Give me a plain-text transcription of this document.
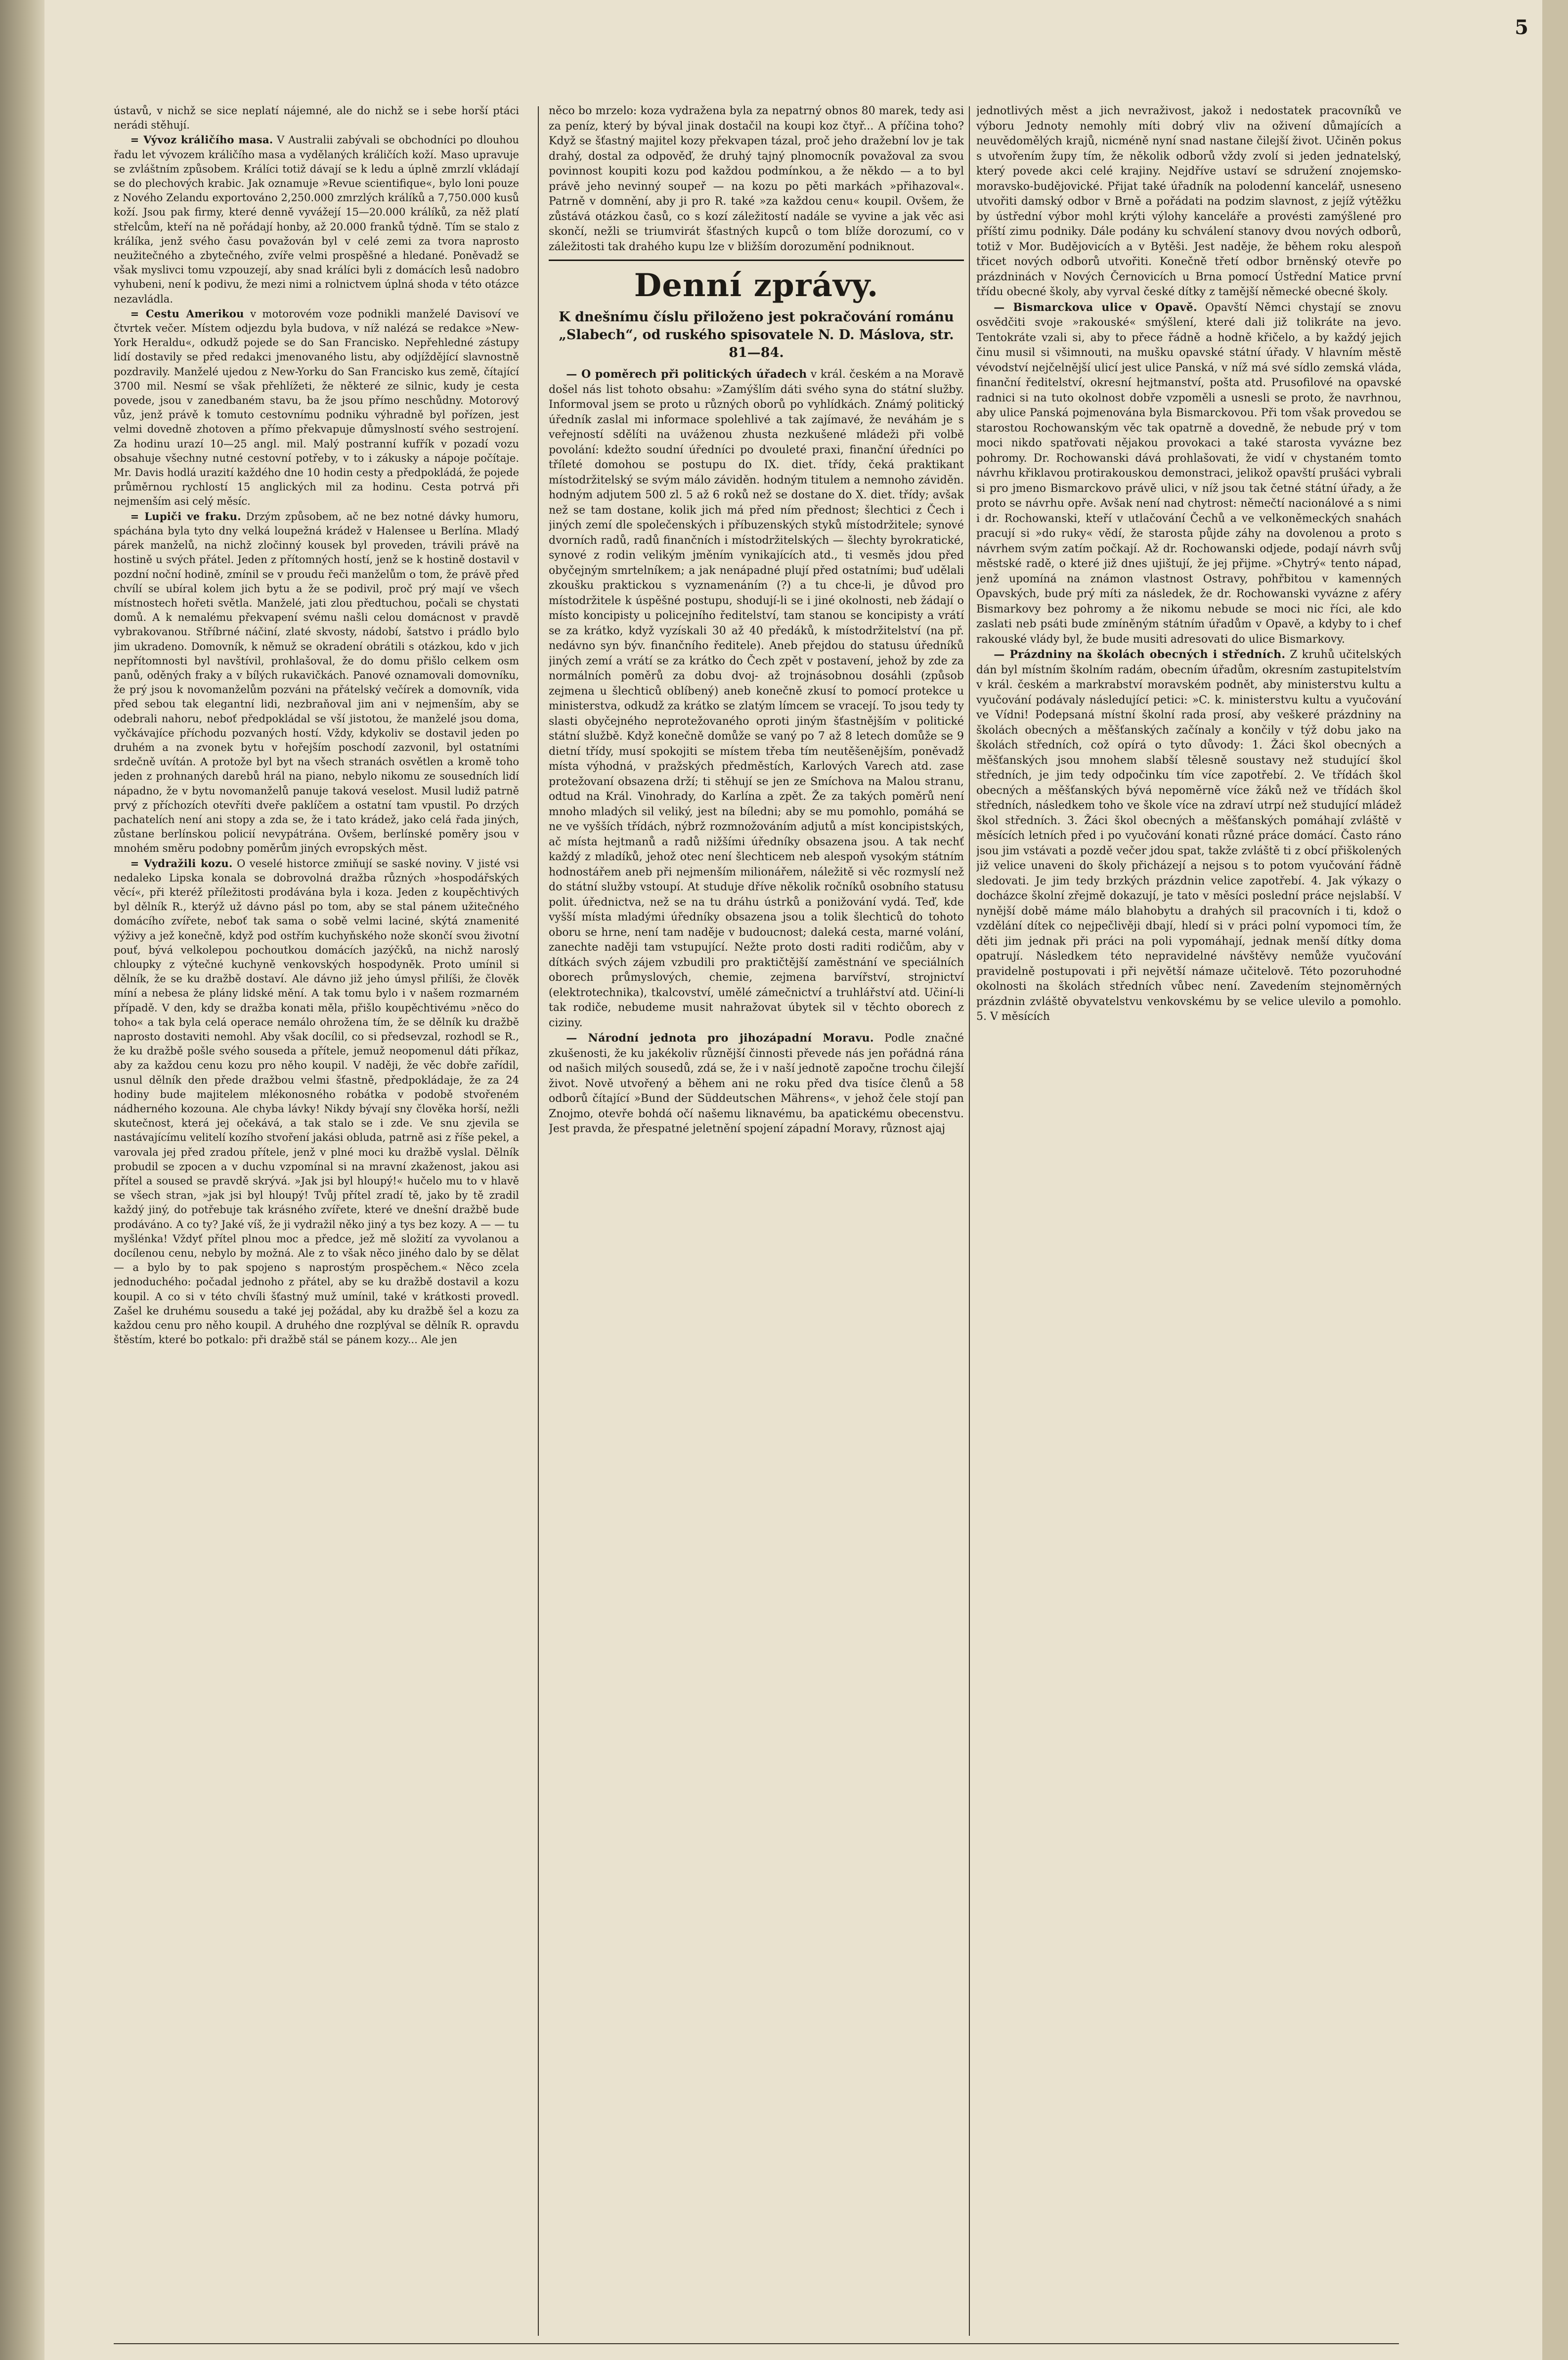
5

ústavů, v nichž se sice neplatí nájemné, ale do nichž se i sebe horší ptáci nerádi stěhují.

= Vývoz králičího masa. V Australii zabývali se obchodníci po dlouhou řadu let vývozem králičího masa a vydělaných králičích koží. Maso upravuje se zvláštním způsobem. Králíci totiž dávají se k ledu a úplně zmrzlí vkládají se do plechových krabic. Jak oznamuje »Revue scientifique«, bylo loni pouze z Nového Zelandu exportováno 2,250.000 zmrzlých králíků a 7,750.000 kusů koží. Jsou pak firmy, které denně vyvážejí 15—20.000 králíků, za něž platí střelcům, kteří na ně pořádají honby, až 20.000 franků týdně. Tím se stalo z králíka, jenž svého času považován byl v celé zemi za tvora naprosto neužitečného a zbytečného, zvíře velmi prospěšné a hledané. Poněvadž se však myslivci tomu vzpouzejí, aby snad králíci byli z domácích lesů nadobro vyhubeni, není k podivu, že mezi nimi a rolnictvem úplná shoda v této otázce nezavládla.

= Cestu Amerikou v motorovém voze podnikli manželé Davisoví ve čtvrtek večer. Místem odjezdu byla budova, v níž nalézá se redakce »New-York Heraldu«, odkudž pojede se do San Francisko. Nepřehledné zástupy lidí dostavily se před redakci jmenovaného listu, aby odjíždějící slavnostně pozdravily. Manželé ujedou z New-Yorku do San Francisko kus země, čítající 3700 mil. Nesmí se však přehlížeti, že některé ze silnic, kudy je cesta povede, jsou v zanedbaném stavu, ba že jsou přímo neschůdny. Motorový vůz, jenž právě k tomuto cestovnímu podniku výhradně byl pořízen, jest velmi dovedně zhotoven a přímo překvapuje důmyslností svého sestrojení. Za hodinu urazí 10—25 angl. mil. Malý postranní kufřík v pozadí vozu obsahuje všechny nutné cestovní potřeby, v to i zákusky a nápoje počítaje. Mr. Davis hodlá urazití každého dne 10 hodin cesty a předpokládá, že pojede průměrnou rychlostí 15 anglických mil za hodinu. Cesta potrvá při nejmenším asi celý měsíc.

= Lupiči ve fraku. Drzým způsobem, ač ne bez notné dávky humoru, spáchána byla tyto dny velká loupežná krádež v Halensee u Berlína. Mladý párek manželů, na nichž zločinný kousek byl proveden, trávili právě na hostině u svých přátel. Jeden z přítomných hostí, jenž se k hostině dostavil v pozdní noční hodině, zmínil se v proudu řeči manželům o tom, že právě před chvílí se ubíral kolem jich bytu a že se podivil, proč prý mají ve všech místnostech hořeti světla. Manželé, jati zlou předtuchou, počali se chystati domů. A k nemalému překvapení svému našli celou domácnost v pravdě vybrakovanou. Stříbrné náčiní, zlaté skvosty, nádobí, šatstvo i prádlo bylo jim ukradeno. Domovník, k němuž se okradení obrátili s otázkou, kdo v jich nepřítomnosti byl navštívil, prohlašoval, že do domu přišlo celkem osm panů, oděných fraky a v bílých rukavičkách. Panové oznamovali domovníku, že prý jsou k novomanželům pozváni na přátelský večírek a domovník, vida před sebou tak elegantní lidi, nezbraňoval jim ani v nejmenším, aby se odebrali nahoru, neboť předpokládal se vší jistotou, že manželé jsou doma, vyčkávajíce příchodu pozvaných hostí. Vždy, kdykoliv se dostavil jeden po druhém a na zvonek bytu v hořejším poschodí zazvonil, byl ostatními srdečně uvítán. A protože byl byt na všech stranách osvětlen a kromě toho jeden z prohnaných darebů hrál na piano, nebylo nikomu ze sousedních lidí nápadno, že v bytu novomanželů panuje taková veselost. Musil ludiž patrně prvý z příchozích otevříti dveře paklíčem a ostatní tam vpustil. Po drzých pachatelích není ani stopy a zda se, že i tato krádež, jako celá řada jiných, zůstane berlínskou policií nevypátrána. Ovšem, berlínské poměry jsou v mnohém směru podobny poměrům jiných evropských měst.

= Vydražili kozu. O veselé historce zmiňují se saské noviny. V jisté vsi nedaleko Lipska konala se dobrovolná dražba různých »hospodářských věcí«, při kteréž příležitosti prodávána byla i koza. Jeden z koupěchtivých byl dělník R., kterýž už dávno pásl po tom, aby se stal pánem užitečného domácího zvířete, neboť tak sama o sobě velmi laciné, skýtá znamenité výživy a jež konečně, když pod ostřím kuchyňského nože skončí svou životní pouť, bývá velkolepou pochoutkou domácích jazýčků, na nichž naroslý chloupky z výtečné kuchyně venkovských hospodyněk. Proto umínil si dělník, že se ku dražbě dostaví. Ale dávno již jeho úmysl přilíši, že člověk míní a nebesa že plány lidské mění. A tak tomu bylo i v našem rozmarném případě. V den, kdy se dražba konati měla, přišlo koupěchtivému »něco do toho« a tak byla celá operace nemálo ohrožena tím, že se dělník ku dražbě naprosto dostaviti nemohl. Aby však docílil, co si předsevzal, rozhodl se R., že ku dražbě pošle svého souseda a přítele, jemuž neopomenul dáti příkaz, aby za každou cenu kozu pro něho koupil. V naději, že věc dobře zařídil, usnul dělník den přede dražbou velmi šťastně, předpokládaje, že za 24 hodiny bude majitelem mlékonosného robátka v podobě stvořeném nádherného kozouna. Ale chyba lávky! Nikdy bývají sny člověka horší, nežli skutečnost, která jej očekává, a tak stalo se i zde. Ve snu zjevila se nastávajícímu velitelí kozího stvoření jakási obluda, patrně asi z říše pekel, a varovala jej před zradou přítele, jenž v plné moci ku dražbě vyslal. Dělník probudil se zpocen a v duchu vzpomínal si na mravní zkaženost, jakou asi přítel a soused se pravdě skrývá. »Jak jsi byl hloupý!« hučelo mu to v hlavě se všech stran, »jak jsi byl hloupý! Tvůj přítel zradí tě, jako by tě zradil každý jiný, do potřebuje tak krásného zvířete, které ve dnešní dražbě bude prodáváno. A co ty? Jaké víš, že ji vydražil něko jiný a tys bez kozy. A — — tu myšlénka! Vždyť přítel plnou moc a předce, jež mě složití za vyvolanou a docílenou cenu, nebylo by možná. Ale z to však něco jiného dalo by se dělat — a bylo by to pak spojeno s naprostým prospěchem.« Něco zcela jednoduchého: počadal jednoho z přátel, aby se ku dražbě dostavil a kozu koupil. A co si v této chvíli šťastný muž umínil, také v krátkosti provedl. Zašel ke druhému sousedu a také jej požádal, aby ku dražbě šel a kozu za každou cenu pro něho koupil. A druhého dne rozplýval se dělník R. opravdu štěstím, které bo potkalo: při dražbě stál se pánem kozy... Ale jen

něco bo mrzelo: koza vydražena byla za nepatrný obnos 80 marek, tedy asi za peníz, který by býval jinak dostačil na koupi koz čtyř... A příčina toho? Když se šťastný majitel kozy překvapen tázal, proč jeho dražební lov je tak drahý, dostal za odpověď, že druhý tajný plnomocník považoval za svou povinnost koupiti kozu pod každou podmínkou, a že nĕkdo — a to byl právě jeho nevinný soupeř — na kozu po pěti markách »přihazoval«. Patrně v domnění, aby ji pro R. také »za každou cenu« koupil. Ovšem, že zůstává otázkou časů, co s kozí záležitostí nadále se vyvine a jak věc asi skončí, nežli se triumvirát šťastných kupců o tom blíže dorozumí, co v záležitosti tak drahého kupu lze v bližším dorozumění podniknout.

Denní zprávy.
K dnešnímu číslu přiloženo jest pokračování románu „Slabech“, od ruského spisovatele N. D. Máslova, str. 81—84.

— O poměrech při politických úřadech v král. českém a na Moravě došel nás list tohoto obsahu: »Zamýšlím dáti svého syna do státní služby. Informoval jsem se proto u různých oborů po vyhlídkách. Známý politický úředník zaslal mi informace spolehlivé a tak zajímavé, že neváhám je s veřejností sdělíti na uváženou zhusta nezkušené mládeži při volbě povolání: kdežto soudní úředníci po dvouleté praxi, finanční úředníci po tříleté domohou se postupu do IX. diet. třídy, čeká praktikant místodržitelský se svým málo záviděn. hodným titulem a nemnoho záviděn. hodným adjutem 500 zl. 5 až 6 roků než se dostane do X. diet. třídy; avšak než se tam dostane, kolik jich má před ním přednost; šlechtici z Čech i jiných zemí dle společenských i příbuzenských styků místodržitele; synové dvorních radů, radů finančních i místodržitelských — šlechty byrokratické, synové z rodin velikým jměním vynikajících atd., ti vesměs jdou před obyčejným smrtelníkem; a jak nenápadné plují před ostatními; buď udělali zkoušku praktickou s vyznamenáním (?) a tu chce-li, je důvod pro místodržitele k úspěšné postupu, shodují-li se i jiné okolnosti, neb žádají o místo koncipisty u policejního ředitelství, tam stanou se koncipisty a vrátí se za krátko, když vyzískali 30 až 40 předáků, k místodržitelství (na př. nedávno syn býv. finančního ředitele). Aneb přejdou do statusu úředníků jiných zemí a vrátí se za krátko do Čech zpět v postavení, jehož by zde za normálních poměrů za dobu dvoj- až trojnásobnou dosáhli (způsob zejmena u šlechticů oblíbený) aneb konečně zkusí to pomocí protekce u ministerstva, odkudž za krátko se zlatým límcem se vracejí. To jsou tedy ty slasti obyčejného neprotežovaného oproti jiným šťastnějším v politické státní službě. Když konečně domůže se vaný po 7 až 8 letech domůže se 9 dietní třídy, musí spokojiti se místem třeba tím neutěšenějším, poněvadž místa výhodná, v pražských předměstích, Karlových Varech atd. zase protežovaní obsazena drží; ti stěhují se jen ze Smíchova na Malou stranu, odtud na Král. Vinohrady, do Karlína a zpět. Že za takých poměrů není mnoho mladých sil veliký, jest na bíledni; aby se mu pomohlo, pomáhá se ne ve vyšších třídách, nýbrž rozmnožováním adjutů a míst koncipistských, ač místa hejtmanů a radů nižšími úředníky obsazena jsou. A tak nechť každý z mladíků, jehož otec není šlechticem neb alespoň vysokým státním hodnostářem aneb při nejmenším milionářem, náležitě si věc rozmyslí než do státní služby vstoupí. At studuje dříve několik ročníků osobního statusu polit. úřednictva, než se na tu dráhu ústrků a ponižování vydá. Teď, kde vyšší místa mladými úředníky obsazena jsou a tolik šlechticů do tohoto oboru se hrne, není tam naděje v budoucnost; daleká cesta, marné volání, zanechte naději tam vstupující. Nežte proto dosti raditi rodičům, aby v dítkách svých zájem vzbudili pro praktičtější zaměstnání ve speciálních oborech průmyslových, chemie, zejmena barvířství, strojnictví (elektrotechnika), tkalcovství, umělé zámečnictví a truhlářství atd. Učiní-li tak rodiče, nebudeme musit nahražovat úbytek sil v těchto oborech z ciziny.

— Národní jednota pro jihozápadní Moravu. Podle značné zkušenosti, že ku jakékoliv různější činnosti převede nás jen pořádná rána od našich milých sousedů, zdá se, že i v naší jednotě započne trochu čilejší život. Nově utvořený a během ani ne roku před dva tisíce členů a 58 odborů čítající »Bund der Süddeutschen Mährens«, v jehož čele stojí pan Znojmo, otevře bohdá očí našemu liknavému, ba apatickému obecenstvu. Jest pravda, že přespatné jeletnění spojení západní Moravy, různost ajaj

jednotlivých měst a jich nevraživost, jakož i nedostatek pracovníků ve výboru Jednoty nemohly míti dobrý vliv na oživení důmajících a neuvědomělých krajů, nicméně nyní snad nastane čilejší život. Učiněn pokus s utvořením župy tím, že několik odborů vždy zvolí si jeden jednatelský, který povede akci celé krajiny. Nejdříve ustaví se sdružení znojemsko-moravsko-budějovické. Přijat také úřadník na polodenní kancelář, usneseno utvořiti damský odbor v Brně a pořádati na podzim slavnost, z jejíž výtěžku by ústřední výbor mohl krýti výlohy kanceláře a provésti zamýšlené pro příští zimu podniky. Dále podány ku schválení stanovy dvou nových odborů, totiž v Mor. Budějovicích a v Bytěši. Jest naděje, že během roku alespoň třicet nových odborů utvořiti. Konečně třetí odbor brněnský otevře po prázdninách v Nových Černovicích u Brna pomocí Ústřední Matice první třídu obecné školy, aby vyrval české dítky z tamější německé obecné školy.

— Bismarckova ulice v Opavě. Opavští Němci chystají se znovu osvědčiti svoje »rakouské« smýšlení, které dali již tolikráte na jevo. Tentokráte vzali si, aby to přece řádně a hodně křičelo, a by každý jejich činu musil si všimnouti, na mušku opavské státní úřady. V hlavním městě vévodství nejčelnější ulicí jest ulice Panská, v níž má své sídlo zemská vláda, finanční ředitelství, okresní hejtmanství, pošta atd. Prusofilové na opavské radnici si na tuto okolnost dobře vzpoměli a usnesli se proto, že navrhnou, aby ulice Panská pojmenována byla Bismarckovou. Při tom však provedou se starostou Rochowanským věc tak opatrně a dovedně, že nebude prý v tom moci nikdo spatřovati nějakou provokaci a také starosta vyvázne bez pohromy. Dr. Rochowanski dává prohlašovati, že vidí v chystaném tomto návrhu křiklavou protirakouskou demonstraci, jelikož opavští prušáci vybrali si pro jmeno Bismarckovo právě ulici, v níž jsou tak četné státní úřady, a že proto se návrhu opře. Avšak není nad chytrost: němečtí nacionálové a s nimi i dr. Rochowanski, kteří v utlačování Čechů a ve velkoněmeckých snahách pracují si »do ruky« vědí, že starosta půjde záhy na dovolenou a proto s návrhem svým zatím počkají. Až dr. Rochowanski odjede, podají návrh svůj městské radě, o které již dnes ujištují, že jej přijme. »Chytrý« tento nápad, jenž upomíná na známon vlastnost Ostravy, pohřbitou v kamenných Opavských, bude prý míti za následek, že dr. Rochowanski vyvázne z aféry Bismarkovy bez pohromy a že nikomu nebude se moci nic říci, ale kdo zaslati neb psáti bude zmíněným státním úřadům v Opavě, a kdyby to i chef rakouské vlády byl, že bude musiti adresovati do ulice Bismarkovy.

— Prázdniny na školách obecných i středních. Z kruhů učitelských dán byl místním školním radám, obecním úřadům, okresním zastupitelstvím v král. českém a markrabství moravském podnět, aby ministerstvu kultu a vyučování podávaly následující petici: »C. k. ministerstvu kultu a vyučování ve Vídni! Podepsaná místní školní rada prosí, aby veškeré prázdniny na školách obecných a měšťanských začínaly a končily v týž dobu jako na školách středních, což opírá o tyto důvody: 1. Žáci škol obecných a měšťanských jsou mnohem slabší tělesně soustavy než studující škol středních, je jim tedy odpočinku tím více zapotřebí. 2. Ve třídách škol obecných a měšťanských bývá nepoměrně více žáků než ve třídách škol středních, následkem toho ve škole více na zdraví utrpí než studující mládež škol středních. 3. Žáci škol obecných a měšťanských pomáhají zvláště v měsících letních před i po vyučování konati různé práce domácí. Často ráno jsou jim vstávati a pozdě večer jdou spat, takže zvláště ti z obcí přiškolených již velice unaveni do školy přicházejí a nejsou s to potom vyučování řádně sledovati. Je jim tedy brzkých prázdnin velice zapotřebí. 4. Jak výkazy o docházce školní zřejmě dokazují, je tato v měsíci poslední práce nejslabší. V nynější době máme málo blahobytu a drahých sil pracovních i ti, kdož o vzdělání dítek co nejpečlivěji dbají, hledí si v práci polní vypomoci tím, že děti jim jednak při práci na poli vypomáhají, jednak menší dítky doma opatrují. Následkem této nepravidelné návštěvy nemůže vyučování pravidelně postupovati i při největší námaze učitelově. Této pozoruhodné okolnosti na školách středních vůbec není. Zavedením stejnoměrných prázdnin zvláště obyvatelstvu venkovskému by se velice ulevilo a pomohlo. 5. V měsících
